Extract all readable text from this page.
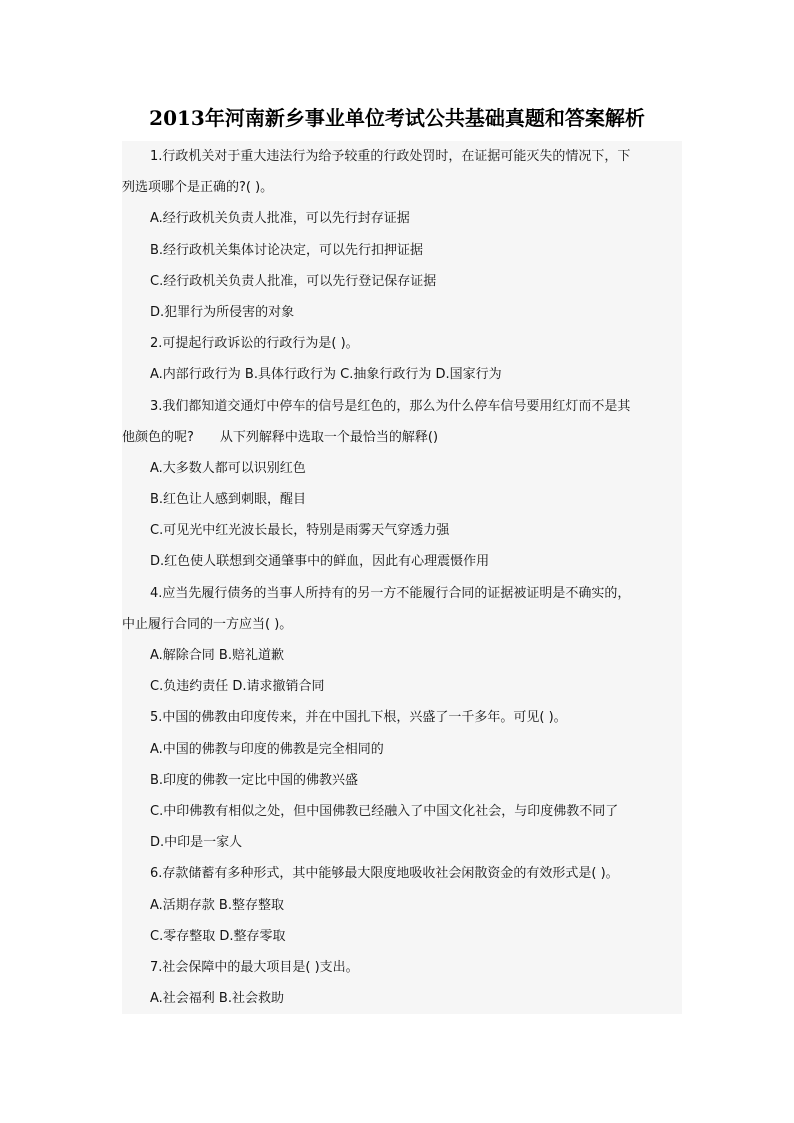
2013年河南新乡事业单位考试公共基础真题和答案解析
1.行政机关对于重大违法行为给予较重的行政处罚时，在证据可能灭失的情况下，下
列选项哪个是正确的?( )。
A.经行政机关负责人批准，可以先行封存证据
B.经行政机关集体讨论决定，可以先行扣押证据
C.经行政机关负责人批准，可以先行登记保存证据
D.犯罪行为所侵害的对象
2.可提起行政诉讼的行政行为是( )。
A.内部行政行为 B.具体行政行为 C.抽象行政行为 D.国家行为
3.我们都知道交通灯中停车的信号是红色的，那么为什么停车信号要用红灯而不是其
他颜色的呢?　　从下列解释中选取一个最恰当的解释()
A.大多数人都可以识别红色
B.红色让人感到刺眼，醒目
C.可见光中红光波长最长，特别是雨雾天气穿透力强
D.红色使人联想到交通肇事中的鲜血，因此有心理震慑作用
4.应当先履行债务的当事人所持有的另一方不能履行合同的证据被证明是不确实的，
中止履行合同的一方应当( )。
A.解除合同 B.赔礼道歉
C.负违约责任 D.请求撤销合同
5.中国的佛教由印度传来，并在中国扎下根，兴盛了一千多年。可见( )。
A.中国的佛教与印度的佛教是完全相同的
B.印度的佛教一定比中国的佛教兴盛
C.中印佛教有相似之处，但中国佛教已经融入了中国文化社会，与印度佛教不同了
D.中印是一家人
6.存款储蓄有多种形式，其中能够最大限度地吸收社会闲散资金的有效形式是( )。
A.活期存款 B.整存整取
C.零存整取 D.整存零取
7.社会保障中的最大项目是( )支出。
A.社会福利 B.社会救助
